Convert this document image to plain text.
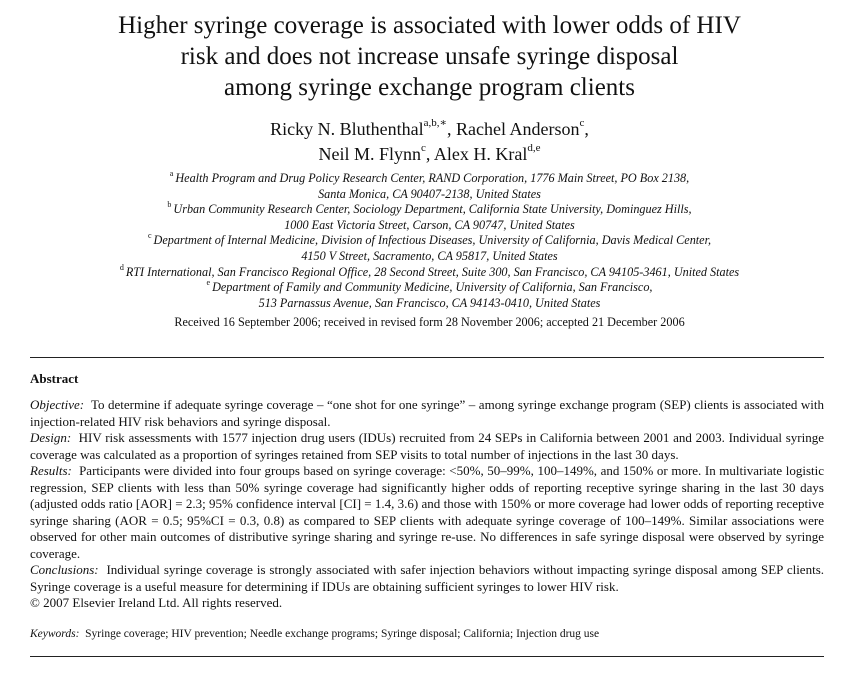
Higher syringe coverage is associated with lower odds of HIV
risk and does not increase unsafe syringe disposal
among syringe exchange program clients
Ricky N. Bluthenthal$^{a,b,∗}$, Rachel Anderson$^c$,
Neil M. Flynn$^c$, Alex H. Kral$^{d,e}$
$^a$ Health Program and Drug Policy Research Center, RAND Corporation, 1776 Main Street, PO Box 2138,
Santa Monica, CA 90407-2138, United States
$^b$ Urban Community Research Center, Sociology Department, California State University, Dominguez Hills,
1000 East Victoria Street, Carson, CA 90747, United States
$^c$ Department of Internal Medicine, Division of Infectious Diseases, University of California, Davis Medical Center,
4150 V Street, Sacramento, CA 95817, United States
$^d$ RTI International, San Francisco Regional Office, 28 Second Street, Suite 300, San Francisco, CA 94105-3461, United States
$^e$ Department of Family and Community Medicine, University of California, San Francisco,
513 Parnassus Avenue, San Francisco, CA 94143-0410, United States
Received 16 September 2006; received in revised form 28 November 2006; accepted 21 December 2006
Abstract

Objective: To determine if adequate syringe coverage – “one shot for one syringe” – among syringe exchange program (SEP) clients is associated with injection-related HIV risk behaviors and syringe disposal.

Design: HIV risk assessments with 1577 injection drug users (IDUs) recruited from 24 SEPs in California between 2001 and 2003. Individual syringe coverage was calculated as a proportion of syringes retained from SEP visits to total number of injections in the last 30 days.

Results: Participants were divided into four groups based on syringe coverage: <50%, 50–99%, 100–149%, and 150% or more. In multivariate logistic regression, SEP clients with less than 50% syringe coverage had significantly higher odds of reporting receptive syringe sharing in the last 30 days (adjusted odds ratio [AOR] = 2.3; 95% confidence interval [CI] = 1.4, 3.6) and those with 150% or more coverage had lower odds of reporting receptive syringe sharing (AOR = 0.5; 95%CI = 0.3, 0.8) as compared to SEP clients with adequate syringe coverage of 100–149%. Similar associations were observed for other main outcomes of distributive syringe sharing and syringe re-use. No differences in safe syringe disposal were observed by syringe coverage.

Conclusions: Individual syringe coverage is strongly associated with safer injection behaviors without impacting syringe disposal among SEP clients. Syringe coverage is a useful measure for determining if IDUs are obtaining sufficient syringes to lower HIV risk.

© 2007 Elsevier Ireland Ltd. All rights reserved.

Keywords: Syringe coverage; HIV prevention; Needle exchange programs; Syringe disposal; California; Injection drug use
